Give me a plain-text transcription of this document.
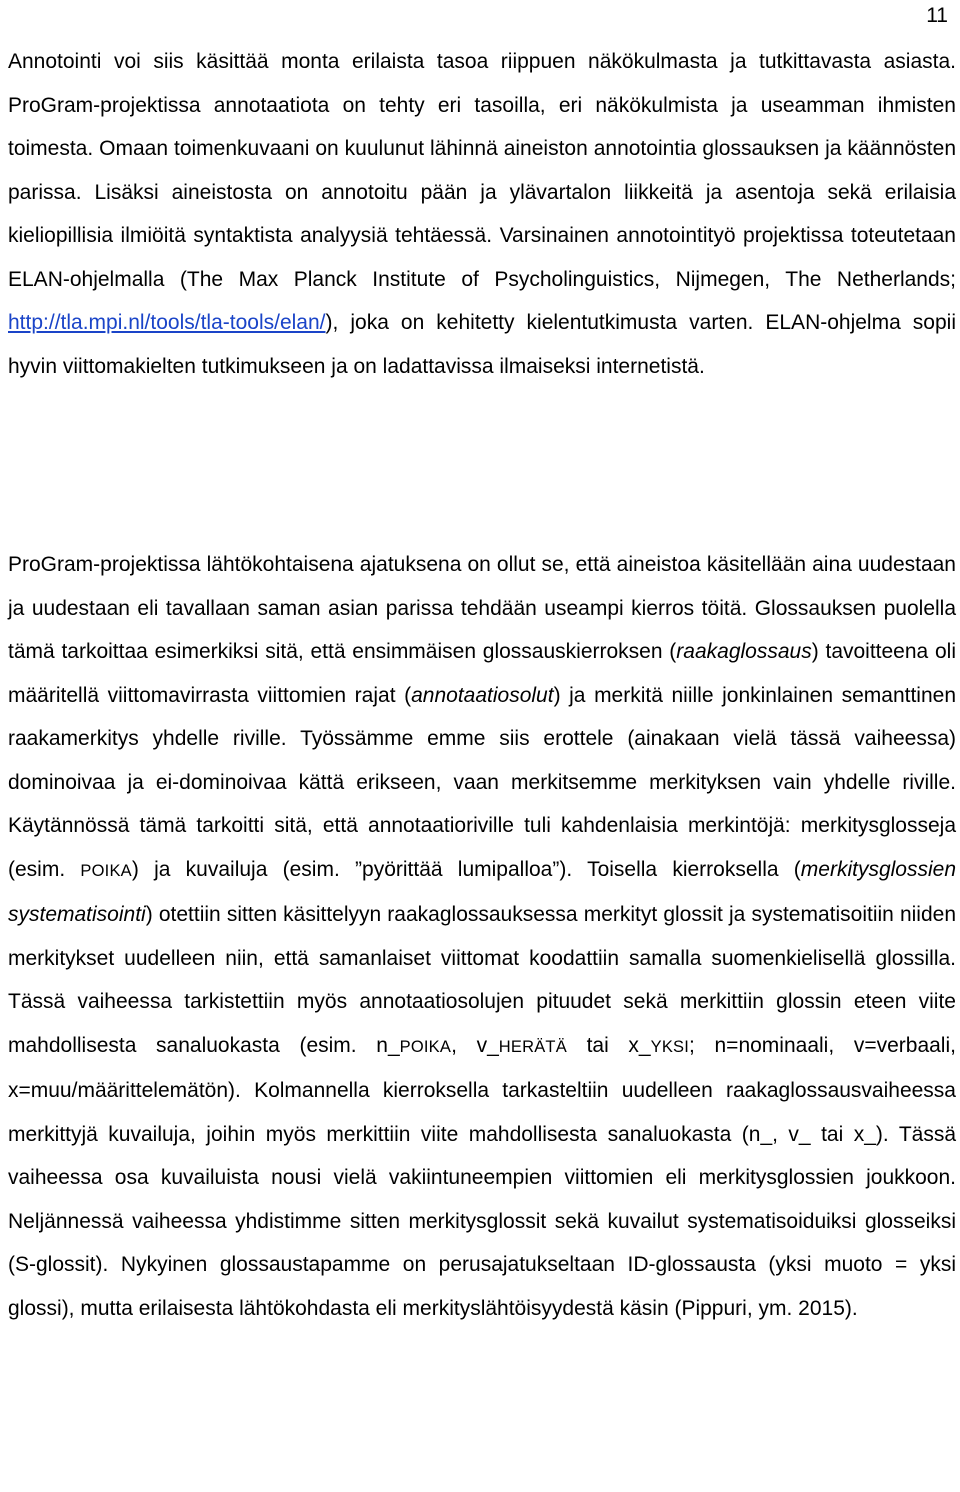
11

Annotointi voi siis käsittää monta erilaista tasoa riippuen näkökulmasta ja tutkittavasta asiasta. ProGram-projektissa annotaatiota on tehty eri tasoilla, eri näkökulmista ja useamman ihmisten toimesta. Omaan toimenkuvaani on kuulunut lähinnä aineiston annotointia glossauksen ja käännösten parissa. Lisäksi aineistosta on annotoitu pään ja ylävartalon liikkeitä ja asentoja sekä erilaisia kieliopillisia ilmiöitä syntaktista analyysiä tehtäessä. Varsinainen annotointityö projektissa toteutetaan ELAN-ohjelmalla (The Max Planck Institute of Psycholinguistics, Nijmegen, The Netherlands; http://tla.mpi.nl/tools/tla-tools/elan/), joka on kehitetty kielentutkimusta varten. ELAN-ohjelma sopii hyvin viittomakielten tutkimukseen ja on ladattavissa ilmaiseksi internetistä.

ProGram-projektissa lähtökohtaisena ajatuksena on ollut se, että aineistoa käsitellään aina uudestaan ja uudestaan eli tavallaan saman asian parissa tehdään useampi kierros töitä. Glossauksen puolella tämä tarkoittaa esimerkiksi sitä, että ensimmäisen glossauskierroksen (raakaglossaus) tavoitteena oli määritellä viittomavirrasta viittomien rajat (annotaatiosolut) ja merkitä niille jonkinlainen semanttinen raakamerkitys yhdelle riville. Työssämme emme siis erottele (ainakaan vielä tässä vaiheessa) dominoivaa ja ei-dominoivaa kättä erikseen, vaan merkitsemme merkityksen vain yhdelle riville. Käytännössä tämä tarkoitti sitä, että annotaatioriville tuli kahdenlaisia merkintöjä: merkitysglosseja (esim. POIKA) ja kuvailuja (esim. ”pyörittää lumipalloa”). Toisella kierroksella (merkitysglossien systematisointi) otettiin sitten käsittelyyn raakaglossauksessa merkityt glossit ja systematisoitiin niiden merkitykset uudelleen niin, että samanlaiset viittomat koodattiin samalla suomenkielisellä glossilla. Tässä vaiheessa tarkistettiin myös annotaatiosolujen pituudet sekä merkittiin glossin eteen viite mahdollisesta sanaluokasta (esim. n_POIKA, v_HERÄTÄ tai x_YKSI; n=nominaali, v=verbaali, x=muu/määrittelemätön). Kolmannella kierroksella tarkasteltiin uudelleen raakaglossausvaiheessa merkittyjä kuvailuja, joihin myös merkittiin viite mahdollisesta sanaluokasta (n_, v_ tai x_). Tässä vaiheessa osa kuvailuista nousi vielä vakiintuneempien viittomien eli merkitysglossien joukkoon. Neljännessä vaiheessa yhdistimme sitten merkitysglossit sekä kuvailut systematisoiduiksi glosseiksi (S-glossit). Nykyinen glossaustapamme on perusajatukseltaan ID-glossausta (yksi muoto = yksi glossi), mutta erilaisesta lähtökohdasta eli merkityslähtöisyydestä käsin (Pippuri, ym. 2015).
